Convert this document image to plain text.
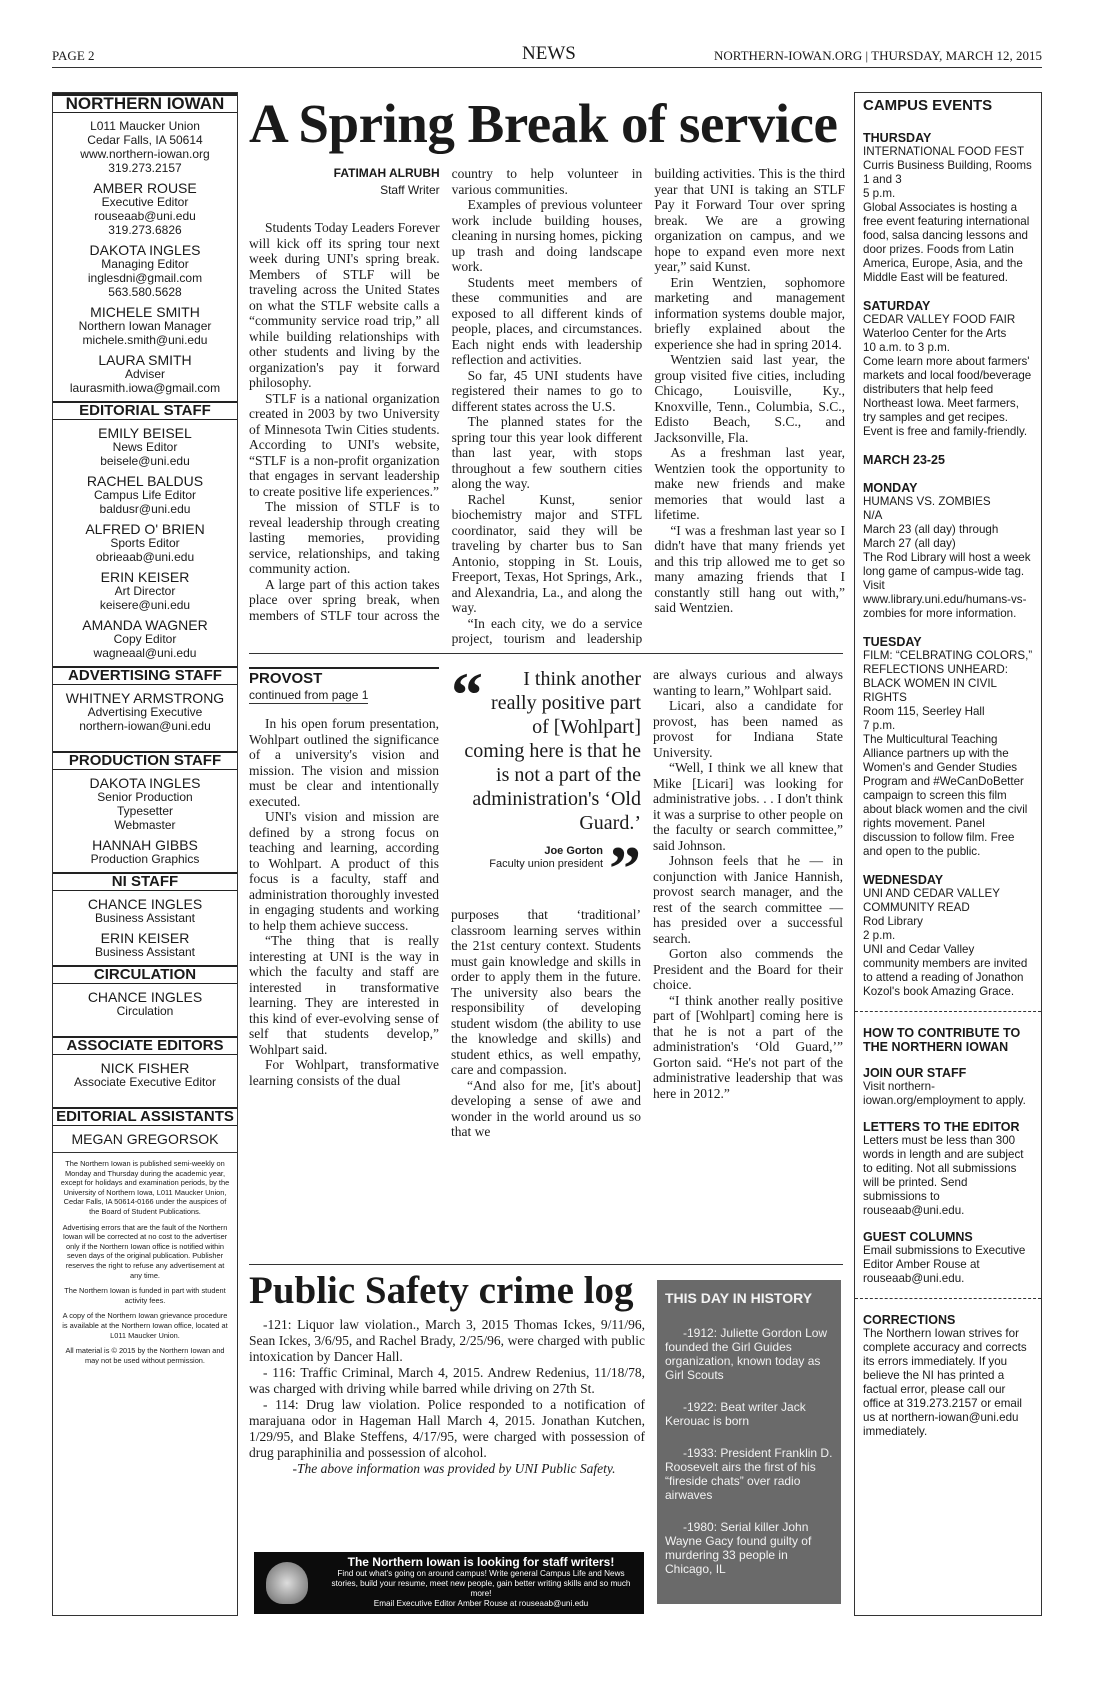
PAGE 2	NEWS	NORTHERN-IOWAN.ORG | THURSDAY, MARCH 12, 2015
NORTHERN IOWAN
L011 Maucker Union
Cedar Falls, IA 50614
www.northern-iowan.org
319.273.2157
AMBER ROUSE
Executive Editor
rouseaab@uni.edu
319.273.6826
DAKOTA INGLES
Managing Editor
inglesdni@gmail.com
563.580.5628
MICHELE SMITH
Northern Iowan Manager
michele.smith@uni.edu
LAURA SMITH
Adviser
laurasmith.iowa@gmail.com
EDITORIAL STAFF
EMILY BEISEL
News Editor
beisele@uni.edu
RACHEL BALDUS
Campus Life Editor
baldusr@uni.edu
ALFRED O' BRIEN
Sports Editor
obrieaab@uni.edu
ERIN KEISER
Art Director
keisere@uni.edu
AMANDA WAGNER
Copy Editor
wagneaal@uni.edu
ADVERTISING STAFF
WHITNEY ARMSTRONG
Advertising Executive
northern-iowan@uni.edu
PRODUCTION STAFF
DAKOTA INGLES
Senior Production
Typesetter
Webmaster
HANNAH GIBBS
Production Graphics
NI STAFF
CHANCE INGLES
Business Assistant
ERIN KEISER
Business Assistant
CIRCULATION
CHANCE INGLES
Circulation
ASSOCIATE EDITORS
NICK FISHER
Associate Executive Editor
EDITORIAL ASSISTANTS
MEGAN GREGORSOK

The Northern Iowan is published semi-weekly on Monday and Thursday during the academic year, except for holidays and examination periods, by the University of Northern Iowa, L011 Maucker Union, Cedar Falls, IA 50614-0166 under the auspices of the Board of Student Publications.

Advertising errors that are the fault of the Northern Iowan will be corrected at no cost to the advertiser only if the Northern Iowan office is notified within seven days of the original publication. Publisher reserves the right to refuse any advertisement at any time.

The Northern Iowan is funded in part with student activity fees.

A copy of the Northern Iowan grievance procedure is available at the Northern Iowan office, located at L011 Maucker Union.

All material is © 2015 by the Northern Iowan and may not be used without permission.

A Spring Break of service
FATIMAH ALRUBH
Staff Writer

Students Today Leaders Forever will kick off its spring tour next week during UNI's spring break. Members of STLF will be traveling across the United States on what the STLF website calls a “community service road trip,” all while building relationships with other students and living by the organization's pay it forward philosophy.

STLF is a national organization created in 2003 by two University of Minnesota Twin Cities students. According to UNI's website, “STLF is a non-profit organization that engages in servant leadership to create positive life experiences.”

The mission of STLF is to reveal leadership through creating lasting memories, providing service, relationships, and taking community action.

A large part of this action takes place over spring break, when members of STLF tour across the country to help volunteer in various communities.

Examples of previous volunteer work include building houses, cleaning in nursing homes, picking up trash and doing landscape work.

Students meet members of these communities and are exposed to all different kinds of people, places, and circumstances. Each night ends with leadership reflection and activities.

So far, 45 UNI students have registered their names to go to different states across the U.S.

The planned states for the spring tour this year look different than last year, with stops throughout a few southern cities along the way.

Rachel Kunst, senior biochemistry major and STFL coordinator, said they will be traveling by charter bus to San Antonio, stopping in St. Louis, Freeport, Texas, Hot Springs, Ark., and Alexandria, La., and along the way.

“In each city, we do a service project, tourism and leadership building activities. This is the third year that UNI is taking an STLF Pay it Forward Tour over spring break. We are a growing organization on campus, and we hope to expand even more next year,” said Kunst.

Erin Wentzien, sophomore marketing and management information systems double major, briefly explained about the experience she had in spring 2014.

Wentzien said last year, the group visited five cities, including Chicago, Louisville, Ky., Knoxville, Tenn., Columbia, S.C., Edisto Beach, S.C., and Jacksonville, Fla.

As a freshman last year, Wentzien took the opportunity to make new friends and make memories that would last a lifetime.

“I was a freshman last year so I didn't have that many friends yet and this trip allowed me to get so many amazing friends that I constantly still hang out with,” said Wentzien.

PROVOST
continued from page 1

In his open forum presentation, Wohlpart outlined the significance of a university's vision and mission. The vision and mission must be clear and intentionally executed.

UNI's vision and mission are defined by a strong focus on teaching and learning, according to Wohlpart. A product of this focus is a faculty, staff and administration thoroughly invested in engaging students and working to help them achieve success.

“The thing that is really interesting at UNI is the way in which the faculty and staff are interested in transformative learning. They are interested in this kind of ever-evolving sense of self that students develop,” Wohlpart said.

For Wohlpart, transformative learning consists of the dual

“	I think another really positive part of [Wohlpart] coming here is that he is not a part of the administration's ‘Old Guard.’
”
Joe Gorton
Faculty union president

purposes that ‘traditional’ classroom learning serves within the 21st century context. Students must gain knowledge and skills in order to apply them in the future. The university also bears the responsibility of developing student wisdom (the ability to use the knowledge and skills) and student ethics, as well empathy, care and compassion.

“And also for me, [it's about] developing a sense of awe and wonder in the world around us so that we

are always curious and always wanting to learn,” Wohlpart said.

Licari, also a candidate for provost, has been named as provost for Indiana State University.

“Well, I think we all knew that Mike [Licari] was looking for administrative jobs. . . I don't think it was a surprise to other people on the faculty or search committee,” said Johnson.

Johnson feels that he — in conjunction with Janice Hannish, provost search manager, and the rest of the search committee — has presided over a successful search.

Gorton also commends the President and the Board for their choice.

“I think another really positive part of [Wohlpart] coming here is that he is not a part of the administration's ‘Old Guard,’” Gorton said. “He's not part of the administrative leadership that was here in 2012.”

Public Safety crime log

-121: Liquor law violation., March 3, 2015 Thomas Ickes, 9/11/96, Sean Ickes, 3/6/95, and Rachel Brady, 2/25/96, were charged with public intoxication by Dancer Hall.

- 116: Traffic Criminal, March 4, 2015. Andrew Redenius, 11/18/78, was charged with driving while barred while driving on 27th St.

- 114: Drug law violation. Police responded to a notification of marajuana odor in Hageman Hall March 4, 2015. Jonathan Kutchen, 1/29/95, and Blake Steffens, 4/17/95, were charged with possession of drug paraphinilia and possession of alcohol.

-The above information was provided by UNI Public Safety.

THIS DAY IN HISTORY

-1912: Juliette Gordon Low founded the Girl Guides organization, known today as Girl Scouts

-1922: Beat writer Jack Kerouac is born

-1933: President Franklin D. Roosevelt airs the first of his “fireside chats” over radio airwaves

-1980: Serial killer John Wayne Gacy found guilty of murdering 33 people in Chicago, IL

The Northern Iowan is looking for staff writers!
Find out what's going on around campus! Write general Campus Life and News stories, build your resume, meet new people, gain better writing skills and so much more!
Email Executive Editor Amber Rouse at rouseaab@uni.edu
CAMPUS EVENTS
THURSDAY
INTERNATIONAL FOOD FEST
Curris Business Building, Rooms 1 and 3
5 p.m.
Global Associates is hosting a free event featuring international food, salsa dancing lessons and door prizes. Foods from Latin America, Europe, Asia, and the Middle East will be featured.
SATURDAY
CEDAR VALLEY FOOD FAIR
Waterloo Center for the Arts
10 a.m. to 3 p.m.
Come learn more about farmers' markets and local food/beverage distributers that help feed Northeast Iowa. Meet farmers, try samples and get recipes. Event is free and family-friendly.
MARCH 23-25
MONDAY
HUMANS VS. ZOMBIES
N/A
March 23 (all day) through March 27 (all day)
The Rod Library will host a week long game of campus-wide tag. Visit www.library.uni.edu/humans-vs-zombies for more information.
TUESDAY
FILM: “CELBRATING COLORS,” REFLECTIONS UNHEARD: BLACK WOMEN IN CIVIL RIGHTS
Room 115, Seerley Hall
7 p.m.
The Multicultural Teaching Alliance partners up with the Women's and Gender Studies Program and #WeCanDoBetter campaign to screen this film about black women and the civil rights movement. Panel discussion to follow film. Free and open to the public.
WEDNESDAY
UNI AND CEDAR VALLEY COMMUNITY READ
Rod Library
2 p.m.
UNI and Cedar Valley community members are invited to attend a reading of Jonathon Kozol's book Amazing Grace.
HOW TO CONTRIBUTE TO THE NORTHERN IOWAN
JOIN OUR STAFF
Visit northern-iowan.org/employment to apply.
LETTERS TO THE EDITOR
Letters must be less than 300 words in length and are subject to editing. Not all submissions will be printed. Send submissions to rouseaab@uni.edu.
GUEST COLUMNS
Email submissions to Executive Editor Amber Rouse at rouseaab@uni.edu.
CORRECTIONS
The Northern Iowan strives for complete accuracy and corrects its errors immediately. If you believe the NI has printed a factual error, please call our office at 319.273.2157 or email us at northern-iowan@uni.edu immediately.
